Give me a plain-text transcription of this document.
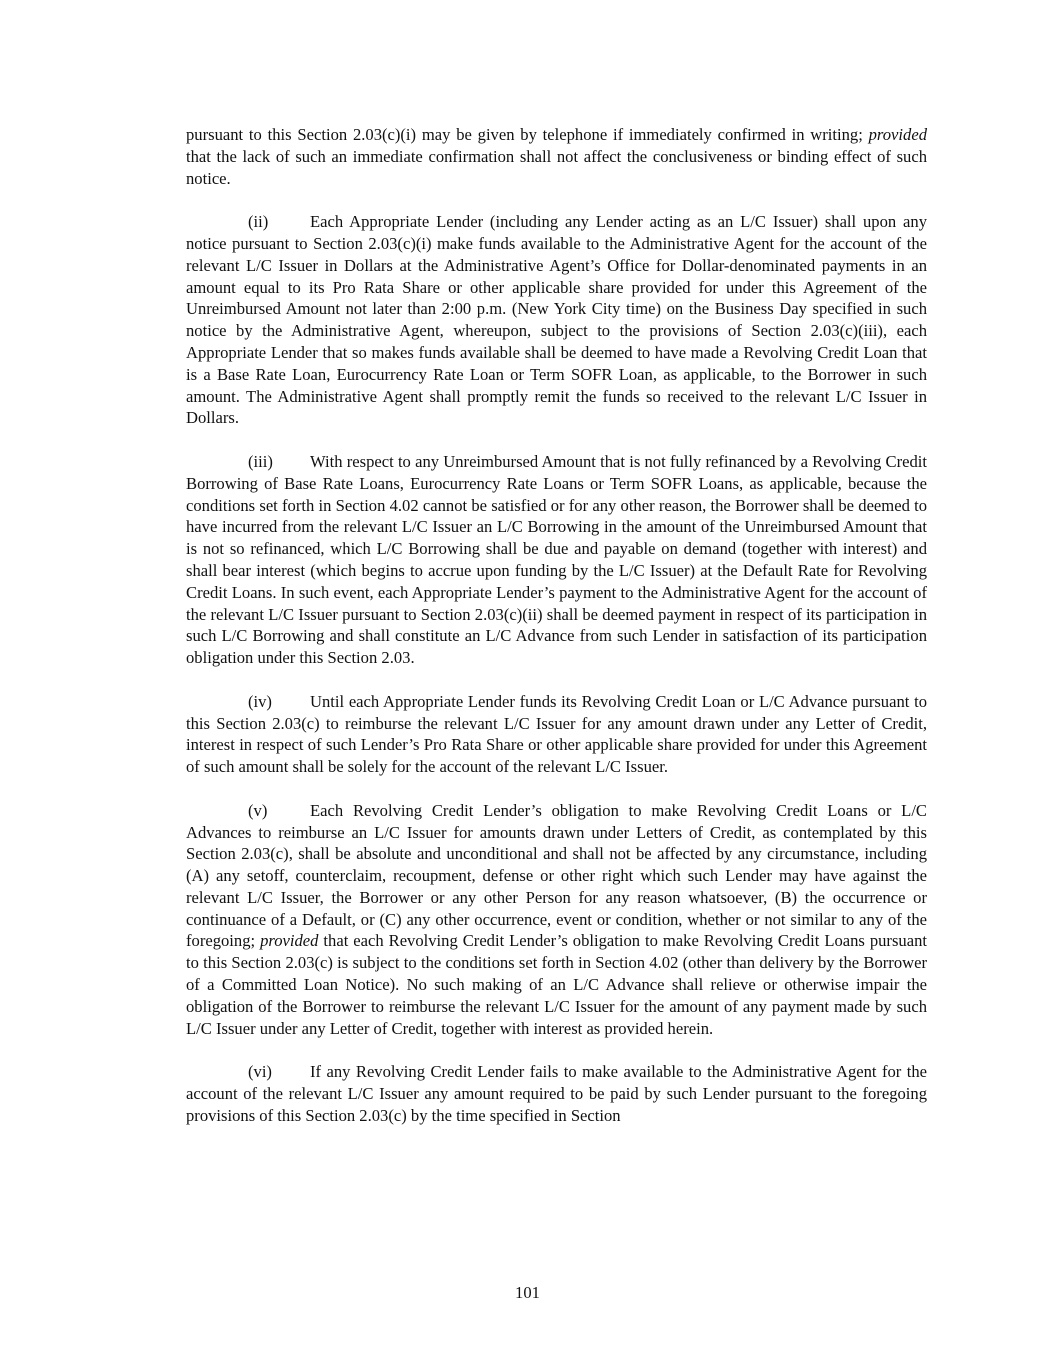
pursuant to this Section 2.03(c)(i) may be given by telephone if immediately confirmed in writing; provided that the lack of such an immediate confirmation shall not affect the conclusiveness or binding effect of such notice.

(ii)	Each Appropriate Lender (including any Lender acting as an L/C Issuer) shall upon any notice pursuant to Section 2.03(c)(i) make funds available to the Administrative Agent for the account of the relevant L/C Issuer in Dollars at the Administrative Agent’s Office for Dollar-denominated payments in an amount equal to its Pro Rata Share or other applicable share provided for under this Agreement of the Unreimbursed Amount not later than 2:00 p.m. (New York City time) on the Business Day specified in such notice by the Administrative Agent, whereupon, subject to the provisions of Section 2.03(c)(iii), each Appropriate Lender that so makes funds available shall be deemed to have made a Revolving Credit Loan that is a Base Rate Loan, Eurocurrency Rate Loan or Term SOFR Loan, as applicable, to the Borrower in such amount. The Administrative Agent shall promptly remit the funds so received to the relevant L/C Issuer in Dollars.

(iii) With respect to any Unreimbursed Amount that is not fully refinanced by a Revolving Credit Borrowing of Base Rate Loans, Eurocurrency Rate Loans or Term SOFR Loans, as applicable, because the conditions set forth in Section 4.02 cannot be satisfied or for any other reason, the Borrower shall be deemed to have incurred from the relevant L/C Issuer an L/C Borrowing in the amount of the Unreimbursed Amount that is not so refinanced, which L/C Borrowing shall be due and payable on demand (together with interest) and shall bear interest (which begins to accrue upon funding by the L/C Issuer) at the Default Rate for Revolving Credit Loans. In such event, each Appropriate Lender’s payment to the Administrative Agent for the account of the relevant L/C Issuer pursuant to Section 2.03(c)(ii) shall be deemed payment in respect of its participation in such L/C Borrowing and shall constitute an L/C Advance from such Lender in satisfaction of its participation obligation under this Section 2.03.

(iv) Until each Appropriate Lender funds its Revolving Credit Loan or L/C Advance pursuant to this Section 2.03(c) to reimburse the relevant L/C Issuer for any amount drawn under any Letter of Credit, interest in respect of such Lender’s Pro Rata Share or other applicable share provided for under this Agreement of such amount shall be solely for the account of the relevant L/C Issuer.

(v)	Each Revolving Credit Lender’s obligation to make Revolving Credit Loans or L/C Advances to reimburse an L/C Issuer for amounts drawn under Letters of Credit, as contemplated by this Section 2.03(c), shall be absolute and unconditional and shall not be affected by any circumstance, including (A) any setoff, counterclaim, recoupment, defense or other right which such Lender may have against the relevant L/C Issuer, the Borrower or any other Person for any reason whatsoever, (B) the occurrence or continuance of a Default, or (C) any other occurrence, event or condition, whether or not similar to any of the foregoing; provided that each Revolving Credit Lender’s obligation to make Revolving Credit Loans pursuant to this Section 2.03(c) is subject to the conditions set forth in Section 4.02 (other than delivery by the Borrower of a Committed Loan Notice). No such making of an L/C Advance shall relieve or otherwise impair the obligation of the Borrower to reimburse the relevant L/C Issuer for the amount of any payment made by such L/C Issuer under any Letter of Credit, together with interest as provided herein.

(vi) If any Revolving Credit Lender fails to make available to the Administrative Agent for the account of the relevant L/C Issuer any amount required to be paid by such Lender pursuant to the foregoing provisions of this Section 2.03(c) by the time specified in Section

101
